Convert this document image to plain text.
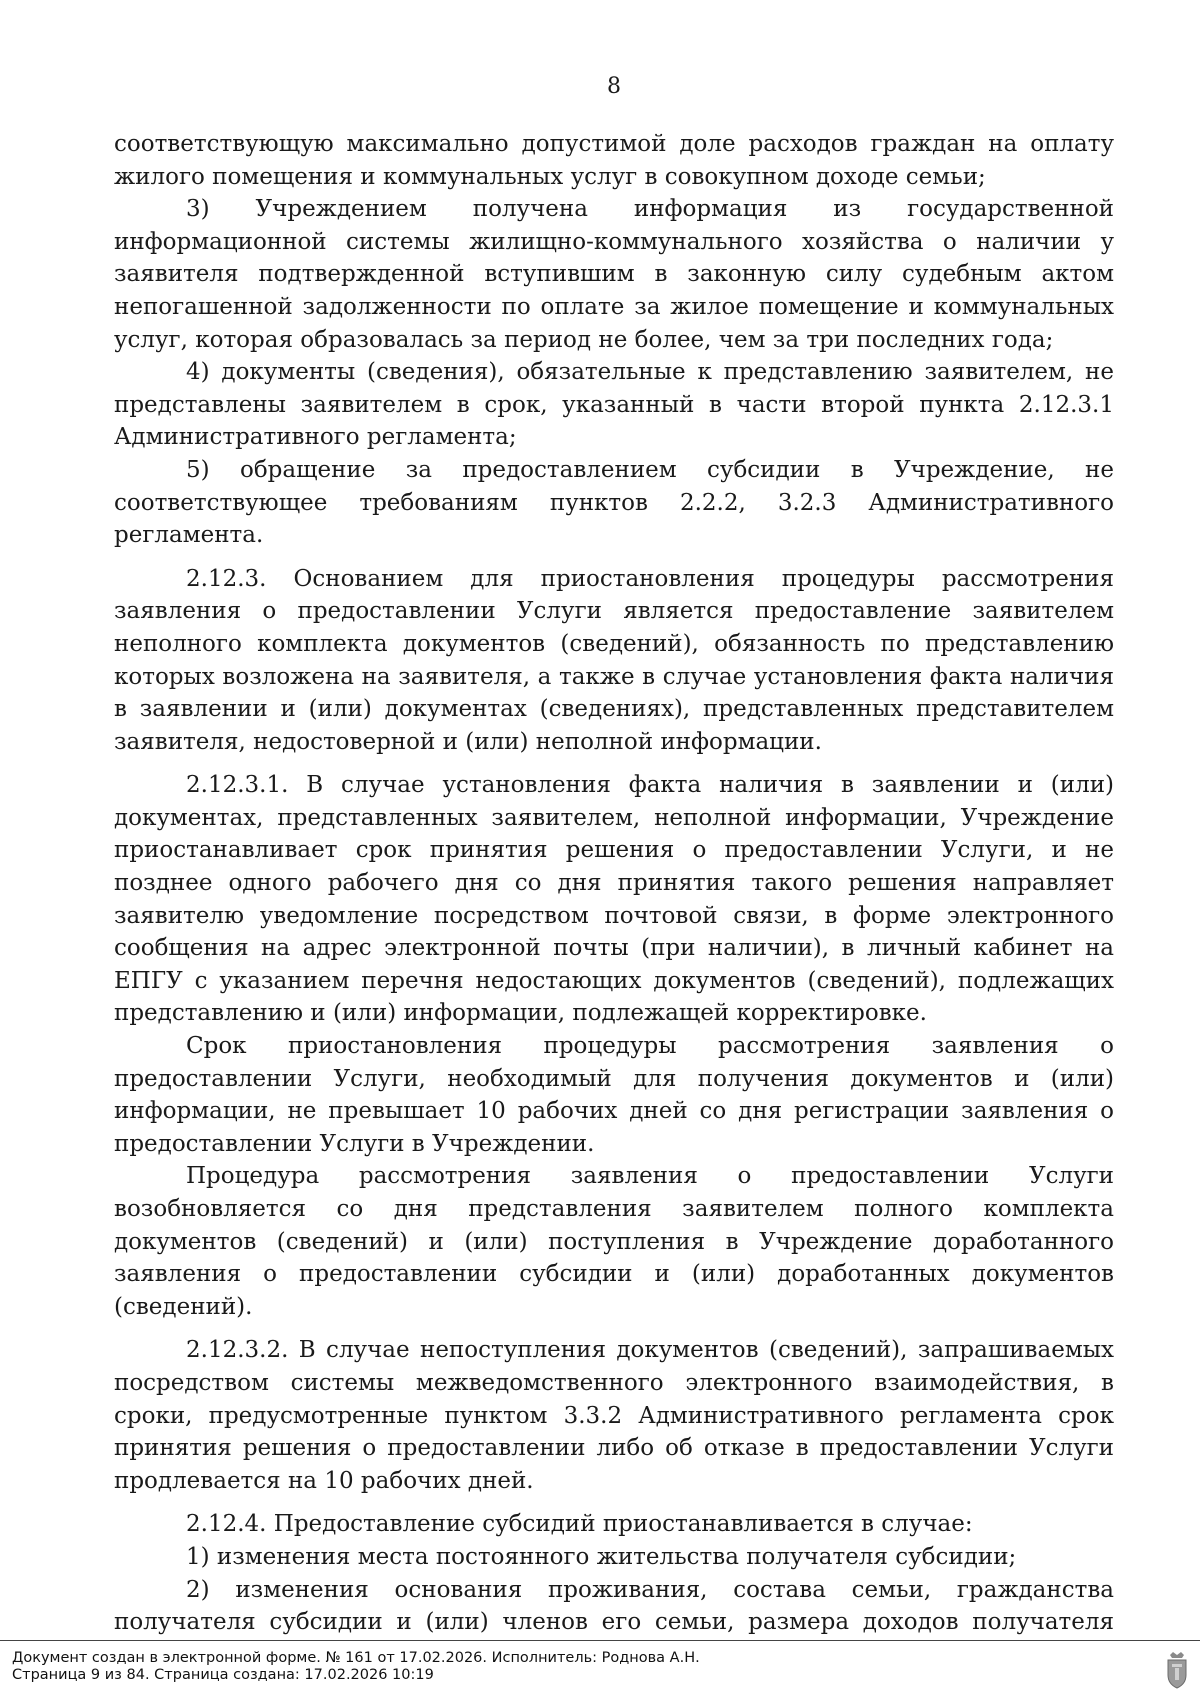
8

соответствующую максимально допустимой доле расходов граждан на оплату жилого помещения и коммунальных услуг в совокупном доходе семьи;

3) Учреждением получена информация из государственной информационной системы жилищно-коммунального хозяйства о наличии у заявителя подтвержденной вступившим в законную силу судебным актом непогашенной задолженности по оплате за жилое помещение и коммунальных услуг, которая образовалась за период не более, чем за три последних года;

4) документы (сведения), обязательные к представлению заявителем, не представлены заявителем в срок, указанный в части второй пункта 2.12.3.1 Административного регламента;

5) обращение за предоставлением субсидии в Учреждение, не соответствующее требованиям пунктов 2.2.2, 3.2.3 Административного регламента.

2.12.3. Основанием для приостановления процедуры рассмотрения заявления о предоставлении Услуги является предоставление заявителем неполного комплекта документов (сведений), обязанность по представлению которых возложена на заявителя, а также в случае установления факта наличия в заявлении и (или) документах (сведениях), представленных представителем заявителя, недостоверной и (или) неполной информации.

2.12.3.1. В случае установления факта наличия в заявлении и (или) документах, представленных заявителем, неполной информации, Учреждение приостанавливает срок принятия решения о предоставлении Услуги, и не позднее одного рабочего дня со дня принятия такого решения направляет заявителю уведомление посредством почтовой связи, в форме электронного сообщения на адрес электронной почты (при наличии), в личный кабинет на ЕПГУ с указанием перечня недостающих документов (сведений), подлежащих представлению и (или) информации, подлежащей корректировке.

Срок приостановления процедуры рассмотрения заявления о предоставлении Услуги, необходимый для получения документов и (или) информации, не превышает 10 рабочих дней со дня регистрации заявления о предоставлении Услуги в Учреждении.

Процедура рассмотрения заявления о предоставлении Услуги возобновляется со дня представления заявителем полного комплекта документов (сведений) и (или) поступления в Учреждение доработанного заявления о предоставлении субсидии и (или) доработанных документов (сведений).

2.12.3.2. В случае непоступления документов (сведений), запрашиваемых посредством системы межведомственного электронного взаимодействия, в сроки, предусмотренные пунктом 3.3.2 Административного регламента срок принятия решения о предоставлении либо об отказе в предоставлении Услуги продлевается на 10 рабочих дней.

2.12.4. Предоставление субсидий приостанавливается в случае:

1) изменения места постоянного жительства получателя субсидии;

2) изменения основания проживания, состава семьи, гражданства получателя субсидии и (или) членов его семьи, размера доходов получателя

Документ создан в электронной форме. № 161 от 17.02.2026. Исполнитель: Роднова А.Н.
Страница 9 из 84. Страница создана: 17.02.2026 10:19
